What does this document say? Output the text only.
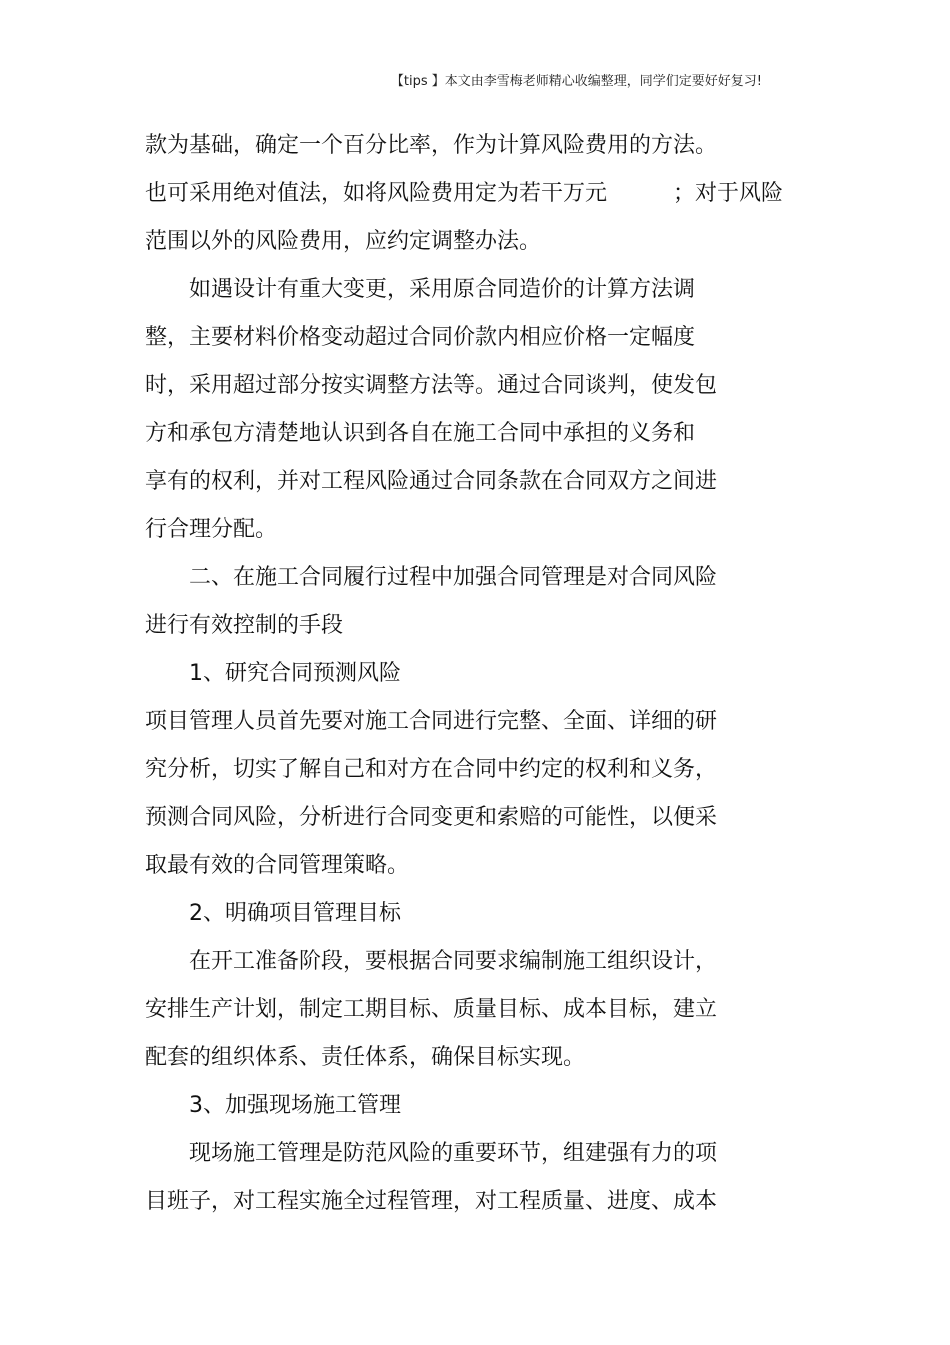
【tips 】本文由李雪梅老师精心收编整理，同学们定要好好复习!
款为基础，确定一个百分比率，作为计算风险费用的方法。
也可采用绝对值法，如将风险费用定为若干万元　　　；对于风险
范围以外的风险费用，应约定调整办法。
　　如遇设计有重大变更，采用原合同造价的计算方法调
整，主要材料价格变动超过合同价款内相应价格一定幅度
时，采用超过部分按实调整方法等。通过合同谈判，使发包
方和承包方清楚地认识到各自在施工合同中承担的义务和
享有的权利，并对工程风险通过合同条款在合同双方之间进
行合理分配。
　　二、在施工合同履行过程中加强合同管理是对合同风险
进行有效控制的手段
　　1、研究合同预测风险
项目管理人员首先要对施工合同进行完整、全面、详细的研
究分析，切实了解自己和对方在合同中约定的权利和义务，
预测合同风险，分析进行合同变更和索赔的可能性，以便采
取最有效的合同管理策略。
　　2、明确项目管理目标
　　在开工准备阶段，要根据合同要求编制施工组织设计，
安排生产计划，制定工期目标、质量目标、成本目标，建立
配套的组织体系、责任体系，确保目标实现。
　　3、加强现场施工管理
　　现场施工管理是防范风险的重要环节，组建强有力的项
目班子，对工程实施全过程管理，对工程质量、进度、成本
